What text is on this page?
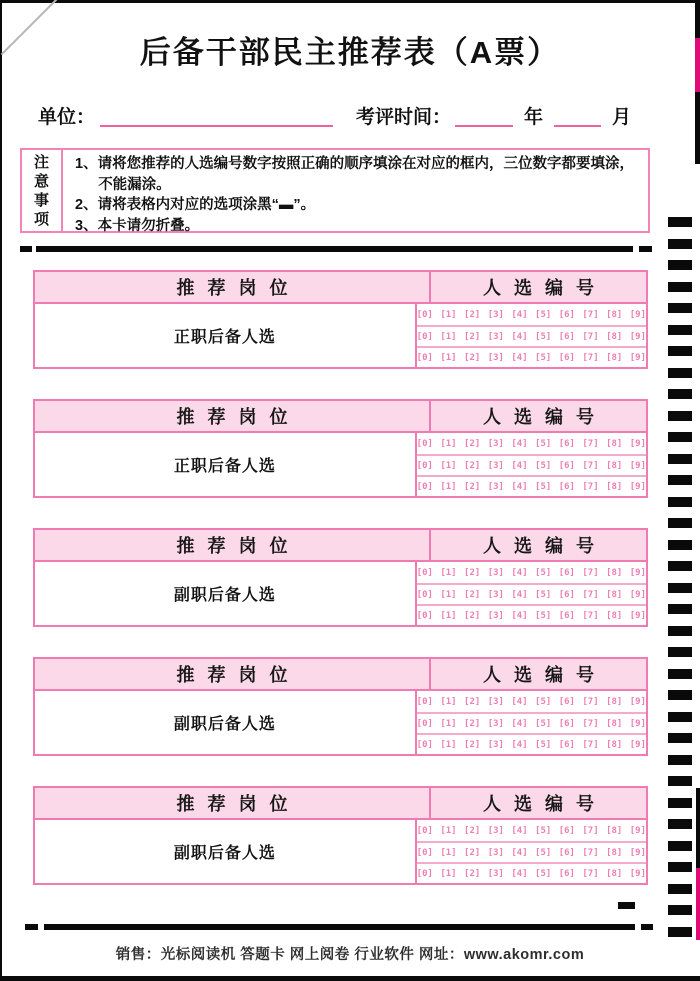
后备干部民主推荐表（A票）
单位：	考评时间：	年	月
注意事项
1、请将您推荐的人选编号数字按照正确的顺序填涂在对应的框内，三位数字都要填涂，不能漏涂。
2、请将表格内对应的选项涂黑“▬”。
3、本卡请勿折叠。
推荐岗位	人选编号
正职后备人选
[0] [1] [2] [3] [4] [5] [6] [7] [8] [9]
[0] [1] [2] [3] [4] [5] [6] [7] [8] [9]
[0] [1] [2] [3] [4] [5] [6] [7] [8] [9]
推荐岗位	人选编号
正职后备人选
[0] [1] [2] [3] [4] [5] [6] [7] [8] [9]
[0] [1] [2] [3] [4] [5] [6] [7] [8] [9]
[0] [1] [2] [3] [4] [5] [6] [7] [8] [9]
推荐岗位	人选编号
副职后备人选
[0] [1] [2] [3] [4] [5] [6] [7] [8] [9]
[0] [1] [2] [3] [4] [5] [6] [7] [8] [9]
[0] [1] [2] [3] [4] [5] [6] [7] [8] [9]
推荐岗位	人选编号
副职后备人选
[0] [1] [2] [3] [4] [5] [6] [7] [8] [9]
[0] [1] [2] [3] [4] [5] [6] [7] [8] [9]
[0] [1] [2] [3] [4] [5] [6] [7] [8] [9]
推荐岗位	人选编号
副职后备人选
[0] [1] [2] [3] [4] [5] [6] [7] [8] [9]
[0] [1] [2] [3] [4] [5] [6] [7] [8] [9]
[0] [1] [2] [3] [4] [5] [6] [7] [8] [9]
销售：光标阅读机 答题卡 网上阅卷 行业软件 网址：www.akomr.com
